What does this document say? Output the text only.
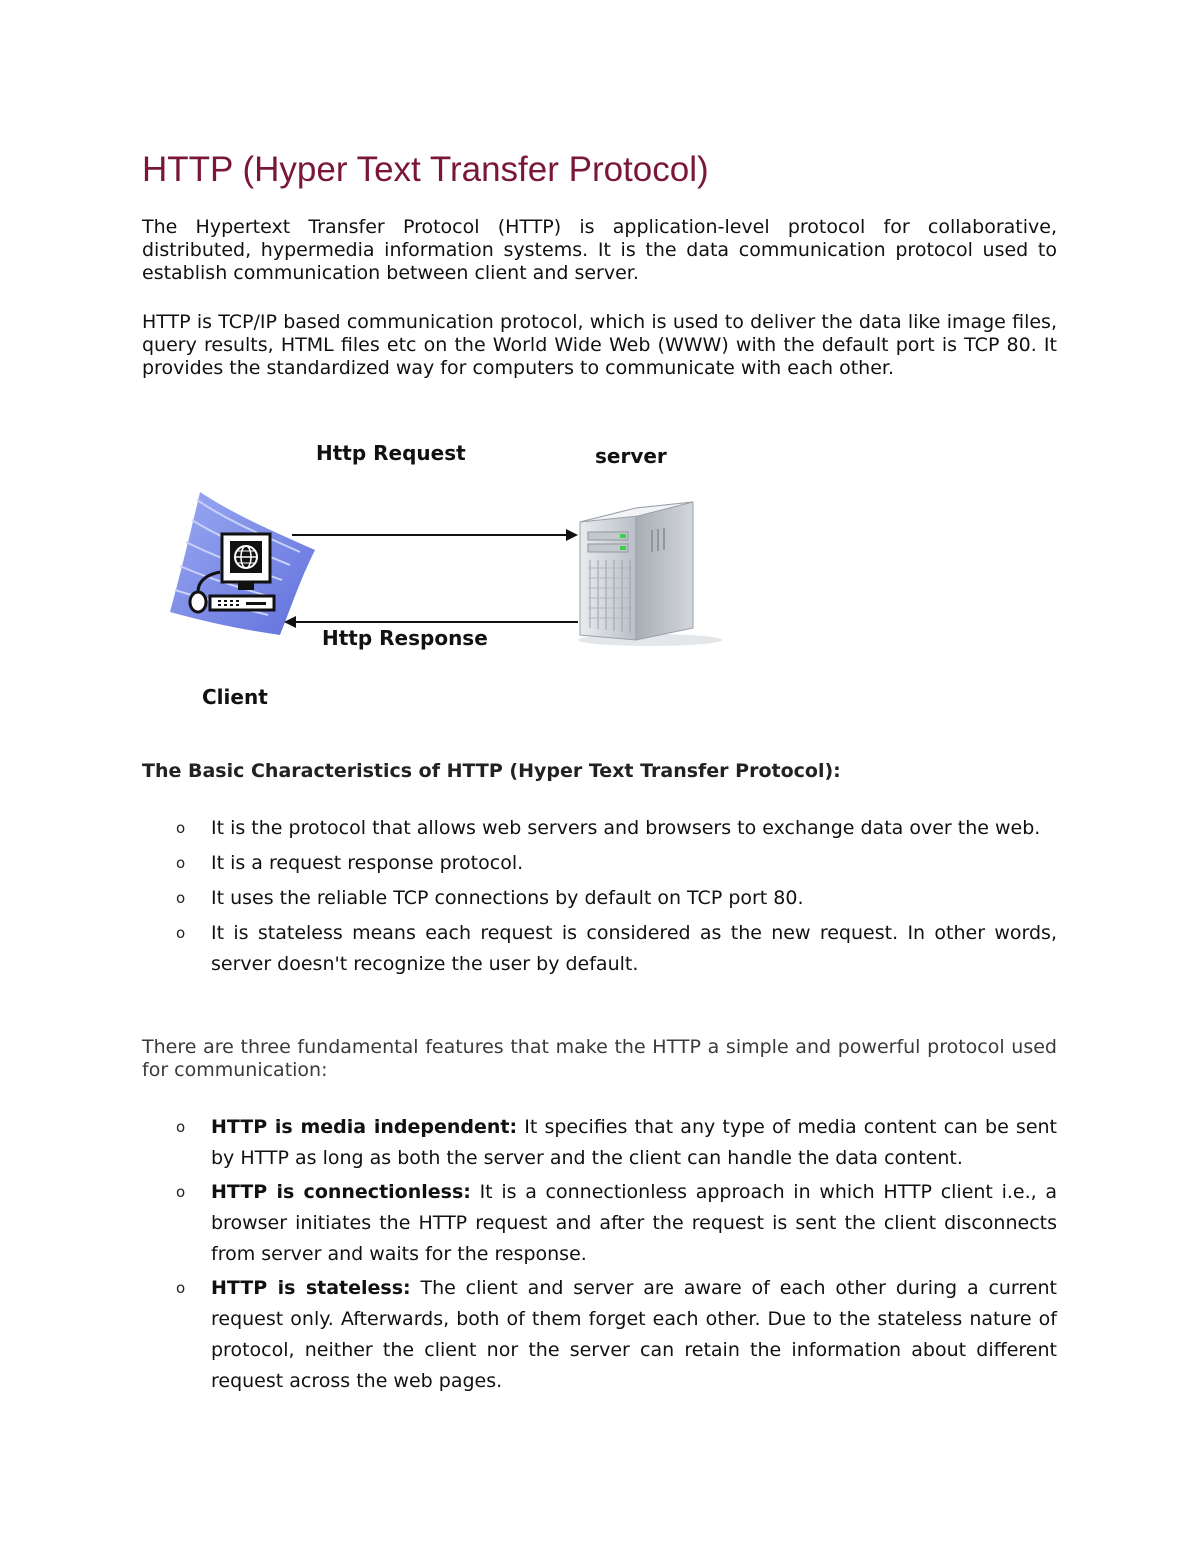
HTTP (Hyper Text Transfer Protocol)

The Hypertext Transfer Protocol (HTTP) is application-level protocol for collaborative, distributed, hypermedia information systems. It is the data communication protocol used to establish communication between client and server.

HTTP is TCP/IP based communication protocol, which is used to deliver the data like image files, query results, HTML files etc on the World Wide Web (WWW) with the default port is TCP 80. It provides the standardized way for computers to communicate with each other.

Http Request	server
Http Response
Client
The Basic Characteristics of HTTP (Hyper Text Transfer Protocol):
o It is the protocol that allows web servers and browsers to exchange data over the web.
o It is a request response protocol.
o It uses the reliable TCP connections by default on TCP port 80.
o It is stateless means each request is considered as the new request. In other words, server doesn't recognize the user by default.

There are three fundamental features that make the HTTP a simple and powerful protocol used for communication:

o HTTP is media independent: It specifies that any type of media content can be sent by HTTP as long as both the server and the client can handle the data content.
o HTTP is connectionless: It is a connectionless approach in which HTTP client i.e., a browser initiates the HTTP request and after the request is sent the client disconnects from server and waits for the response.
o HTTP is stateless: The client and server are aware of each other during a current request only. Afterwards, both of them forget each other. Due to the stateless nature of protocol, neither the client nor the server can retain the information about different request across the web pages.
